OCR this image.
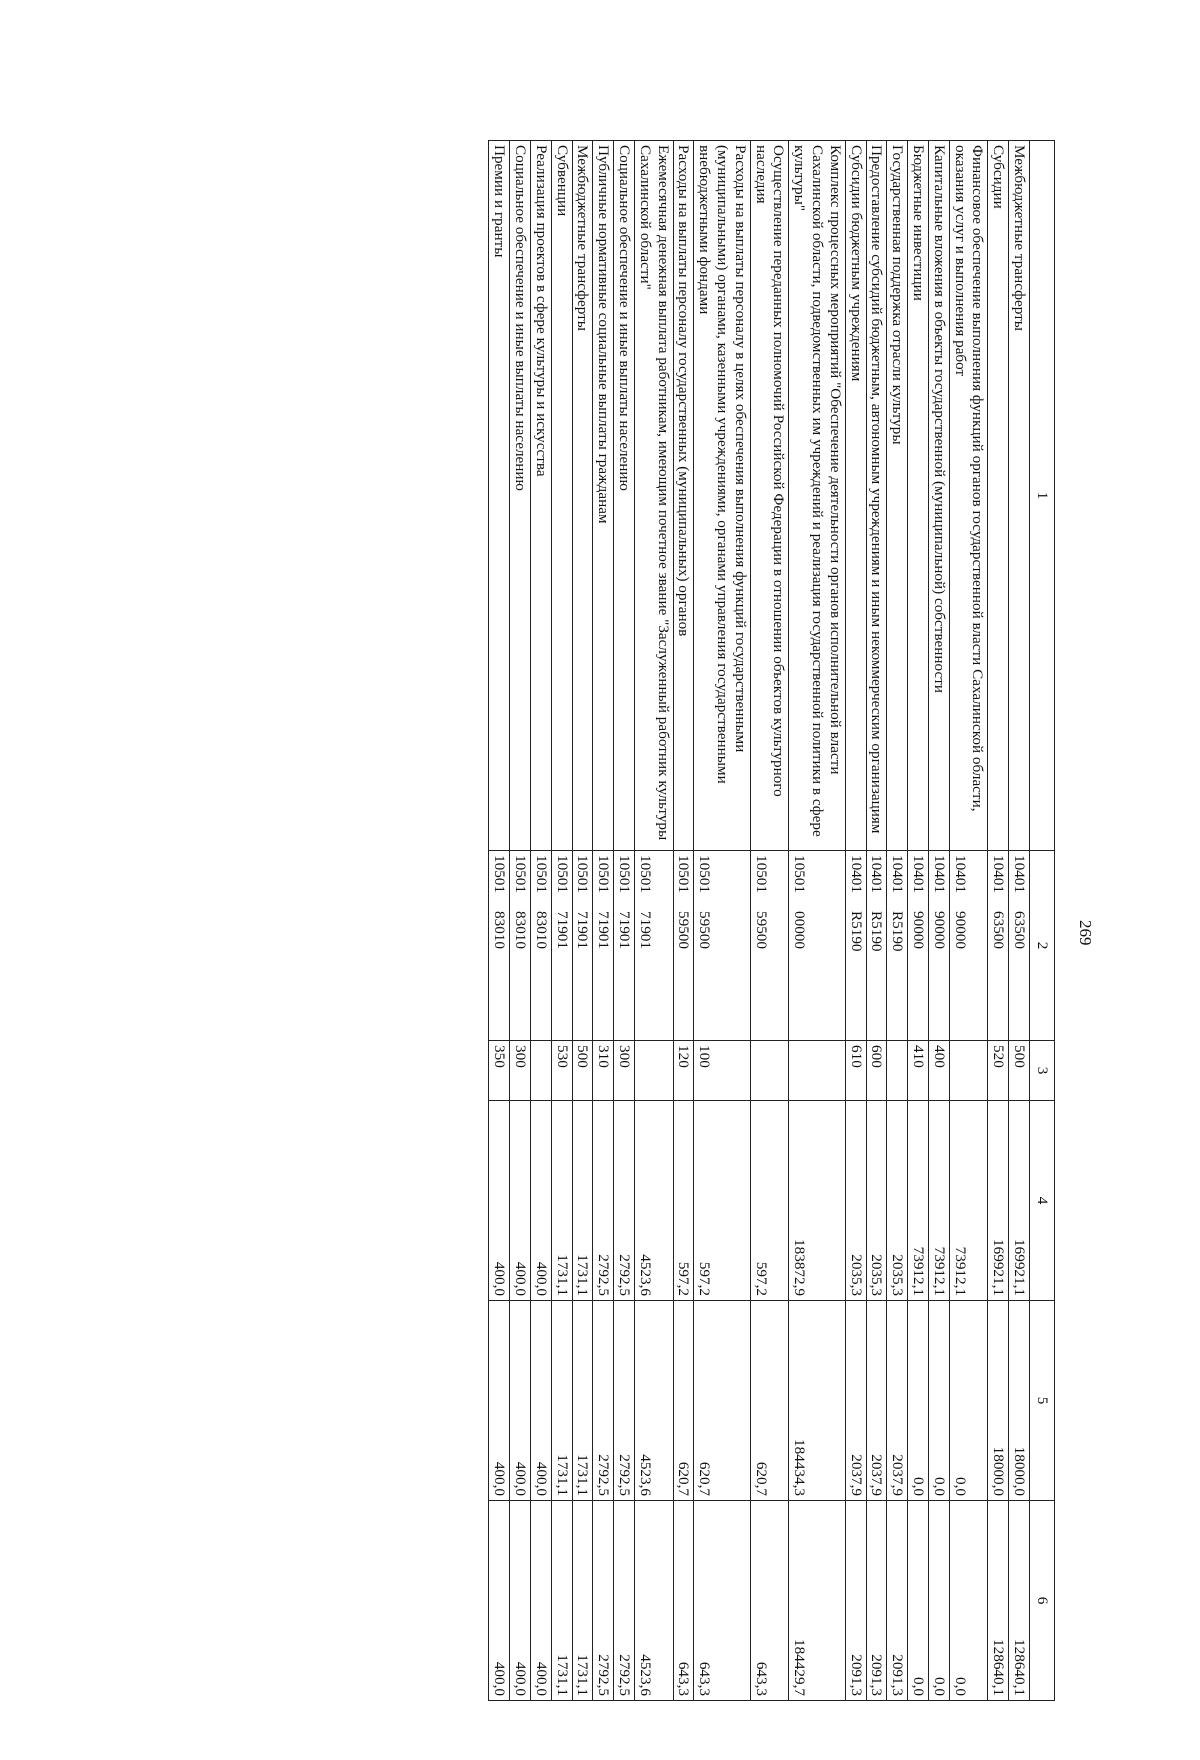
269
1	2	3	4	5	6
Межбюджетные трансферты	1040163500	500	169921,1	18000,0	128640,1
Субсидии	1040163500	520	169921,1	18000,0	128640,1
Финансовое обеспечение выполнения функций органов государственной власти Сахалинской области, оказания услуг и выполнения работ	1040190000		73912,1	0,0	0,0
Капитальные вложения в объекты государственной (муниципальной) собственности	1040190000	400	73912,1	0,0	0,0
Бюджетные инвестиции	1040190000	410	73912,1	0,0	0,0
Государственная поддержка отрасли культуры	10401R5190		2035,3	2037,9	2091,3
Предоставление субсидий бюджетным, автономным учреждениям и иным некоммерческим организациям	10401R5190	600	2035,3	2037,9	2091,3
Субсидии бюджетным учреждениям	10401R5190	610	2035,3	2037,9	2091,3
Комплекс процессных мероприятий "Обеспечение деятельности органов исполнительной власти Сахалинской области, подведомственных им учреждений и реализация государственной политики в сфере культуры"	1050100000		183872,9	184434,3	184429,7
Осуществление переданных полномочий Российской Федерации в отношении объектов культурного наследия	1050159500		597,2	620,7	643,3
Расходы на выплаты персоналу в целях обеспечения выполнения функций государственными (муниципальными) органами, казенными учреждениями, органами управления государственными внебюджетными фондами	1050159500	100	597,2	620,7	643,3
Расходы на выплаты персоналу государственных (муниципальных) органов	1050159500	120	597,2	620,7	643,3
Ежемесячная денежная выплата работникам, имеющим почетное звание "Заслуженный работник культуры Сахалинской области"	1050171901		4523,6	4523,6	4523,6
Социальное обеспечение и иные выплаты населению	1050171901	300	2792,5	2792,5	2792,5
Публичные нормативные социальные выплаты гражданам	1050171901	310	2792,5	2792,5	2792,5
Межбюджетные трансферты	1050171901	500	1731,1	1731,1	1731,1
Субвенции	1050171901	530	1731,1	1731,1	1731,1
Реализация проектов в сфере культуры и искусства	1050183010		400,0	400,0	400,0
Социальное обеспечение и иные выплаты населению	1050183010	300	400,0	400,0	400,0
Премии и гранты	1050183010	350	400,0	400,0	400,0
